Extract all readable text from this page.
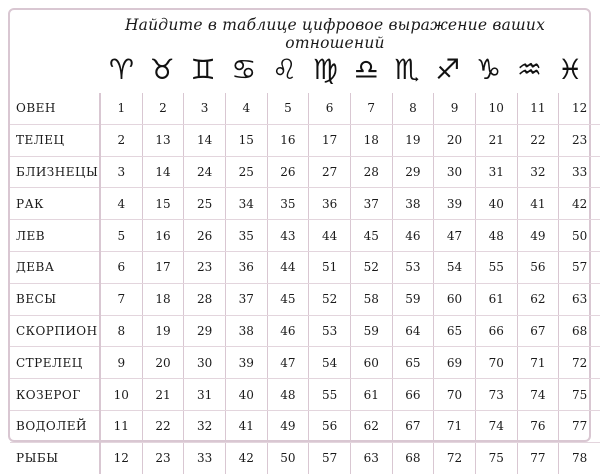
Найдите в таблице цифровое выражение ваших отношений
♈ ♉ ♊ ♋ ♌ ♍ ♎ ♏ ♐ ♑ ♒ ♓
ОВЕН	1	2	3	4	5	6	7	8	9	10	11	12
ТЕЛЕЦ	2	13	14	15	16	17	18	19	20	21	22	23
БЛИЗНЕЦЫ	3	14	24	25	26	27	28	29	30	31	32	33
РАК	4	15	25	34	35	36	37	38	39	40	41	42
ЛЕВ	5	16	26	35	43	44	45	46	47	48	49	50
ДЕВА	6	17	23	36	44	51	52	53	54	55	56	57
ВЕСЫ	7	18	28	37	45	52	58	59	60	61	62	63
СКОРПИОН	8	19	29	38	46	53	59	64	65	66	67	68
СТРЕЛЕЦ	9	20	30	39	47	54	60	65	69	70	71	72
КОЗЕРОГ	10	21	31	40	48	55	61	66	70	73	74	75
ВОДОЛЕЙ	11	22	32	41	49	56	62	67	71	74	76	77
РЫБЫ	12	23	33	42	50	57	63	68	72	75	77	78
